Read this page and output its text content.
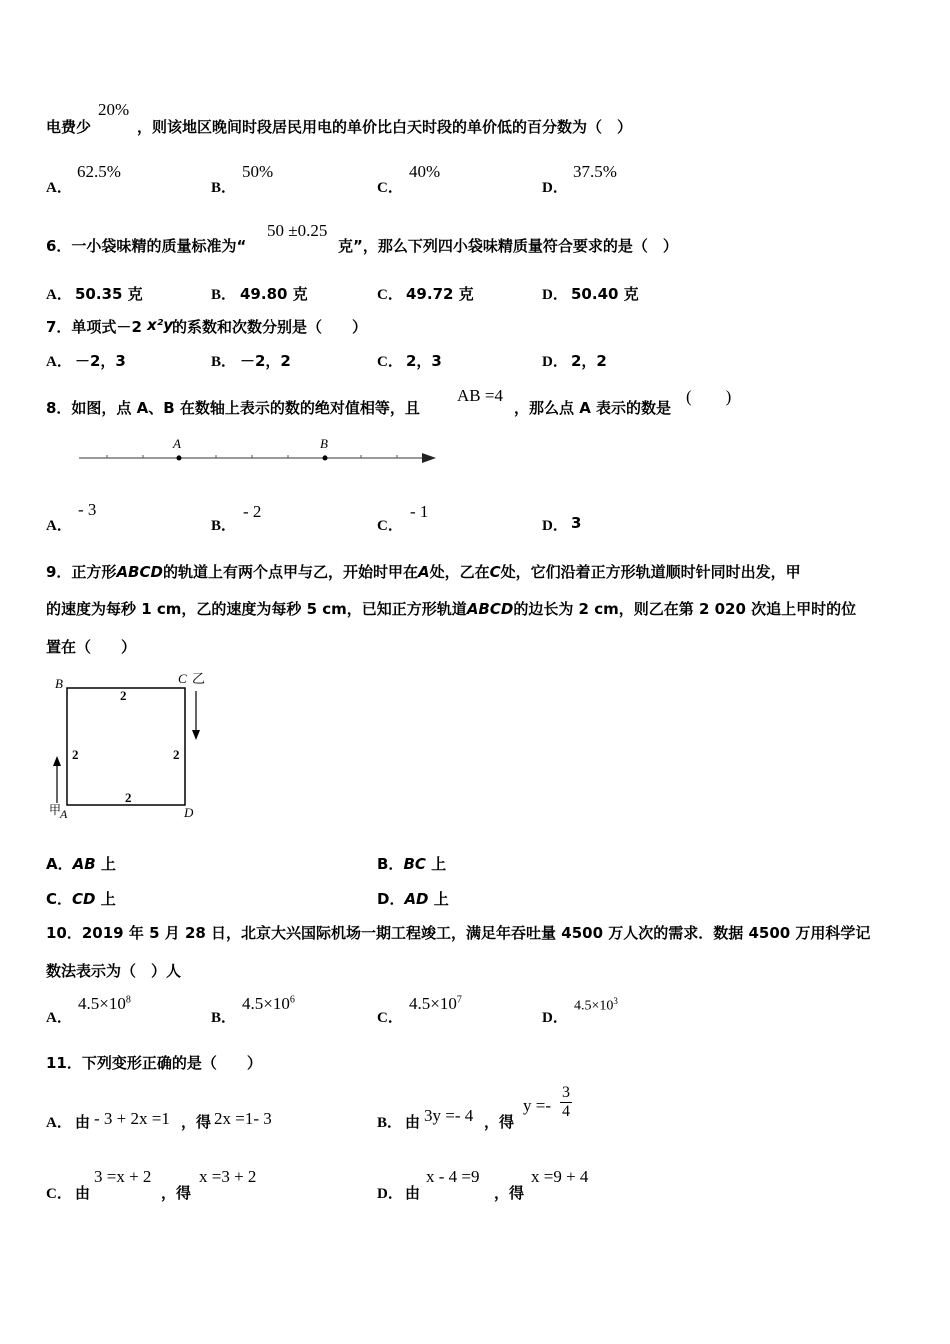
电费少
20%
，则该地区晚间时段居民用电的单价比白天时段的单价低的百分数为（　）
A．
62.5%
B．
50%
C．
40%
D．
37.5%
6．一小袋味精的质量标准为“
50 ±0.25
克”，那么下列四小袋味精质量符合要求的是（　）
A． 50.35 克	B． 49.80 克	C． 49.72 克	D． 50.40 克
7．单项式－2 x²y
的系数和次数分别是（　　）
A． －2，3	B． －2，2	C． 2，3	D． 2，2
8．如图，点 A、B 在数轴上表示的数的绝对值相等，且
AB =4
，那么点 A 表示的数是
(　　)
A	B
A．
- 3
B．
- 2
C．
- 1
D． 3
9．正方形ABCD的轨道上有两个点甲与乙，开始时甲在A处，乙在C处，它们沿着正方形轨道顺时针同时出发，甲
的速度为每秒 1 cm，乙的速度为每秒 5 cm，已知正方形轨道ABCD的边长为 2 cm，则乙在第 2 020 次追上甲时的位
置在（　　）
B	C 乙
2
2	2
2
甲
A	D
A．AB 上	B．BC 上
C．CD 上	D．AD 上
10．2019 年 5 月 28 日，北京大兴国际机场一期工程竣工，满足年吞吐量 4500 万人次的需求．数据 4500 万用科学记
数法表示为（　）人
A．
$4.5\times 10^8$
B．
$4.5\times 10^6$
C．
$4.5\times 10^7$
D．
$4.5\times 10^3$
11．下列变形正确的是（　　）
A． 由 - 3 + 2x =1 ，得 2x =1- 3	B． 由 3y =- 4 ，得
$y =- \frac{3}{4}$
C． 由
3 =x + 2
，得
x =3 + 2
D． 由
x - 4 =9
，得
x =9 + 4
